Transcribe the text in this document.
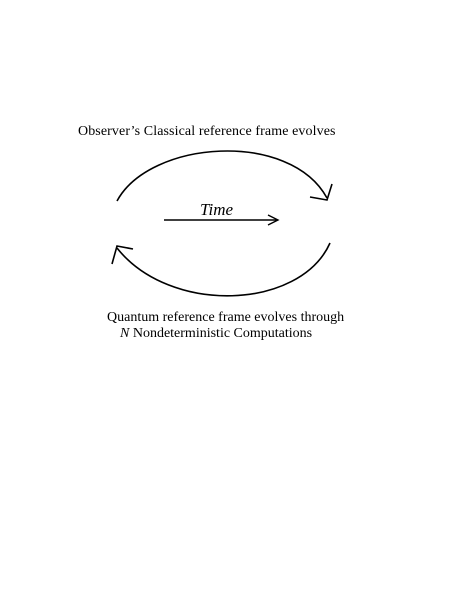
Observer’s Classical reference frame evolves
Time
Quantum reference frame evolves through
N Nondeterministic Computations
